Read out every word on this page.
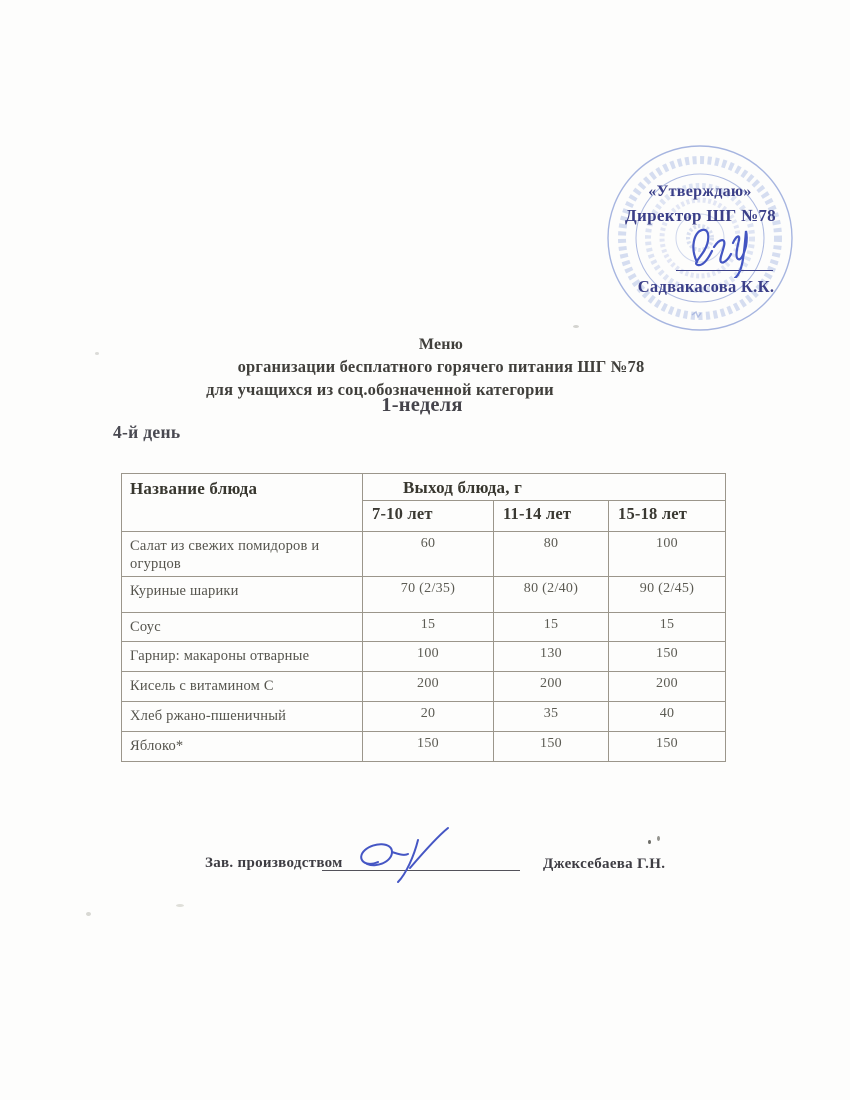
«Утверждаю»
Директор ШГ №78
Садвакасова К.К.
Меню
организации бесплатного горячего питания ШГ №78
для учащихся из соц.обозначенной категории
1-неделя
4-й день
Название блюда	Выход блюда, г		
	7-10 лет	11-14 лет	15-18 лет
Салат из свежих помидоров и огурцов	60	80	100
Куриные шарики	70 (2/35)	80 (2/40)	90 (2/45)
Соус	15	15	15
Гарнир: макароны отварные	100	130	150
Кисель с витамином С	200	200	200
Хлеб ржано-пшеничный	20	35	40
Яблоко*	150	150	150
Зав. производством	Джексебаева Г.Н.
